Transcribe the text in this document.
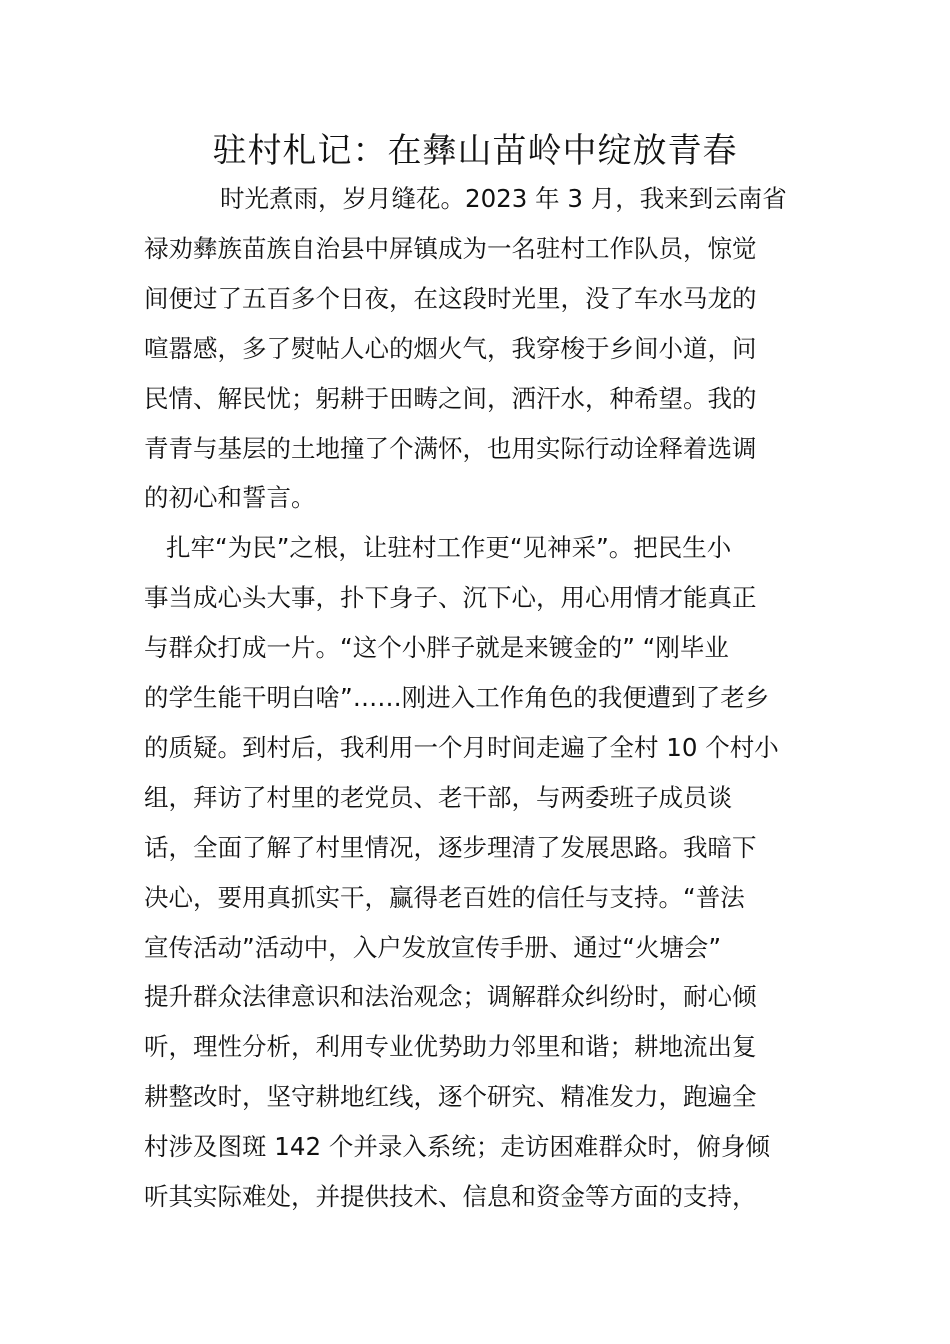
驻村札记：在彝山苗岭中绽放青春
时光煮雨，岁月缝花。2023 年 3 月，我来到云南省
禄劝彝族苗族自治县中屏镇成为一名驻村工作队员，惊觉
间便过了五百多个日夜，在这段时光里，没了车水马龙的
喧嚣感，多了熨帖人心的烟火气，我穿梭于乡间小道，问
民情、解民忧；躬耕于田畴之间，洒汗水，种希望。我的
青青与基层的土地撞了个满怀，也用实际行动诠释着选调
的初心和誓言。
扎牢“为民”之根，让驻村工作更“见神采”。把民生小
事当成心头大事，扑下身子、沉下心，用心用情才能真正
与群众打成一片。“这个小胖子就是来镀金的” “刚毕业
的学生能干明白啥”……刚进入工作角色的我便遭到了老乡
的质疑。到村后，我利用一个月时间走遍了全村 10 个村小
组，拜访了村里的老党员、老干部，与两委班子成员谈
话，全面了解了村里情况，逐步理清了发展思路。我暗下
决心，要用真抓实干，赢得老百姓的信任与支持。“普法
宣传活动”活动中，入户发放宣传手册、通过“火塘会”
提升群众法律意识和法治观念；调解群众纠纷时，耐心倾
听，理性分析，利用专业优势助力邻里和谐；耕地流出复
耕整改时，坚守耕地红线，逐个研究、精准发力，跑遍全
村涉及图斑 142 个并录入系统；走访困难群众时，俯身倾
听其实际难处，并提供技术、信息和资金等方面的支持，
